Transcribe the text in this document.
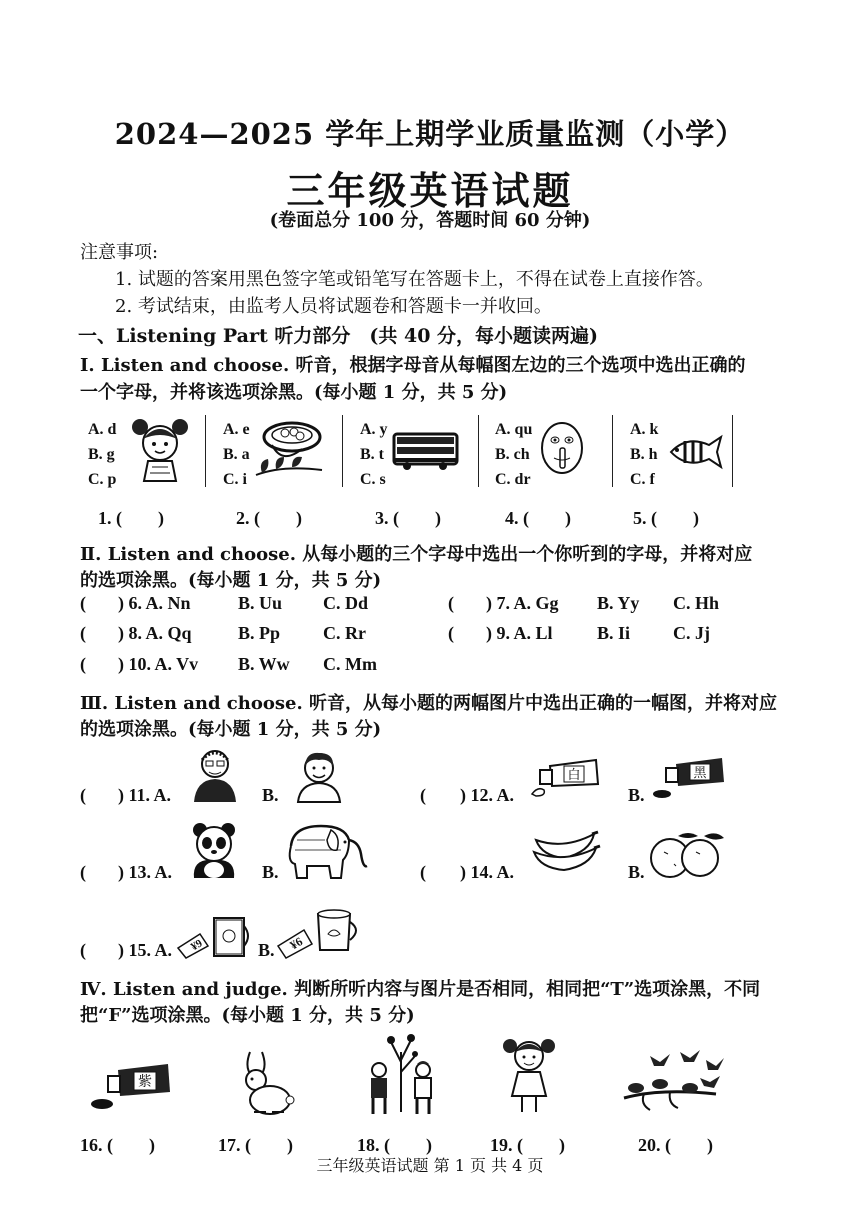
2024—2025 学年上期学业质量监测（小学）
三年级英语试题
(卷面总分 100 分，答题时间 60 分钟)
注意事项:
1. 试题的答案用黑色签字笔或铅笔写在答题卡上，不得在试卷上直接作答。
2. 考试结束，由监考人员将试题卷和答题卡一并收回。
一、Listening Part 听力部分　(共 40 分，每小题读两遍)
Ⅰ. Listen and choose. 听音，根据字母音从每幅图左边的三个选项中选出正确的
一个字母，并将该选项涂黑。(每小题 1 分，共 5 分)
A. d
B. g
C. p
A. e
B. a
C. i
A. y
B. t
C. s
A. qu
B. ch
C. dr
A. k
B. h
C. f
1. (　　)	2. (　　)	3. (　　)	4. (　　)	5. (　　)
Ⅱ. Listen and choose. 从每小题的三个字母中选出一个你听到的字母，并将对应
的选项涂黑。(每小题 1 分，共 5 分)
( ) 6. A. Nn	B. Uu C. Dd	( ) 7. A. Gg B. Yy C. Hh
( ) 8. A. Qq	B. Pp C. Rr	( ) 9. A. Ll B. Ii C. Jj
( ) 10. A. Vv B. Ww C. Mm
Ⅲ. Listen and choose. 听音，从每小题的两幅图片中选出正确的一幅图，并将对应
的选项涂黑。(每小题 1 分，共 5 分)
( ) 11. A.	B.	( ) 12. A.
白
B.
黑
( ) 13. A.	B.	( ) 14. A.	B.
( ) 15. A. ¥9	B. ¥6
Ⅳ. Listen and judge. 判断所听内容与图片是否相同，相同把“T”选项涂黑，不同
把“F”选项涂黑。(每小题 1 分，共 5 分)
紫
16. (　　)	17. (　　)	18. (　　)	19. (　　)	20. (　　)
三年级英语试题 第 1 页 共 4 页
